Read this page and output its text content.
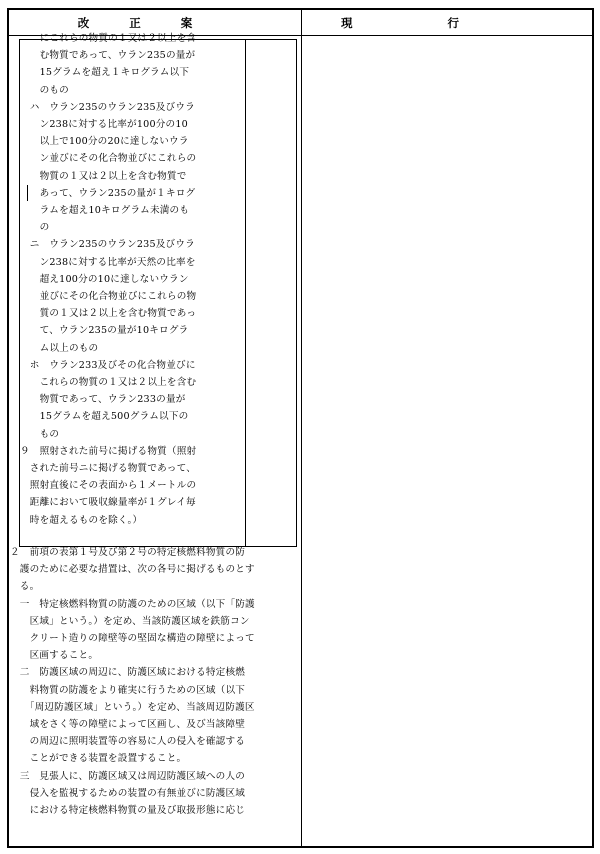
改正案	現行
　　にこれらの物質の１又は２以上を含
　　む物質であって、ウラン235の量が
　　15グラムを超え１キログラム以下
　　のもの
　ハ　ウラン235のウラン235及びウラ
　　ン238に対する比率が100分の10
　　以上で100分の20に達しないウラ
　　ン並びにその化合物並びにこれらの
　　物質の１又は２以上を含む物質で
　　あって、ウラン235の量が１キログ
　　ラムを超え10キログラム未満のも
　　の
　ニ　ウラン235のウラン235及びウラ
　　ン238に対する比率が天然の比率を
　　超え100分の10に達しないウラン
　　並びにその化合物並びにこれらの物
　　質の１又は２以上を含む物質であっ
　　て、ウラン235の量が10キログラ
　　ム以上のもの
　ホ　ウラン233及びその化合物並びに
　　これらの物質の１又は２以上を含む
　　物質であって、ウラン233の量が
　　15グラムを超え500グラム以下の
　　もの
９　照射された前号に掲げる物質（照射
　された前号ニに掲げる物質であって、
　照射直後にその表面から１メートルの
　距離において吸収線量率が１グレイ毎
　時を超えるものを除く。）
２　前項の表第１号及び第２号の特定核燃料物質の防
　護のために必要な措置は、次の各号に掲げるものとす
　る。
　一　特定核燃料物質の防護のための区域（以下「防護
　　区域」という。）を定め、当該防護区域を鉄筋コン
　　クリート造りの障壁等の堅固な構造の障壁によって
　　区画すること。
　二　防護区域の周辺に、防護区域における特定核燃
　　料物質の防護をより確実に行うための区域（以下
　　「周辺防護区域」という。）を定め、当該周辺防護区
　　域をさく等の障壁によって区画し、及び当該障壁
　　の周辺に照明装置等の容易に人の侵入を確認する
　　ことができる装置を設置すること。
　三　見張人に、防護区域又は周辺防護区域への人の
　　侵入を監視するための装置の有無並びに防護区域
　　における特定核燃料物質の量及び取扱形態に応じ
